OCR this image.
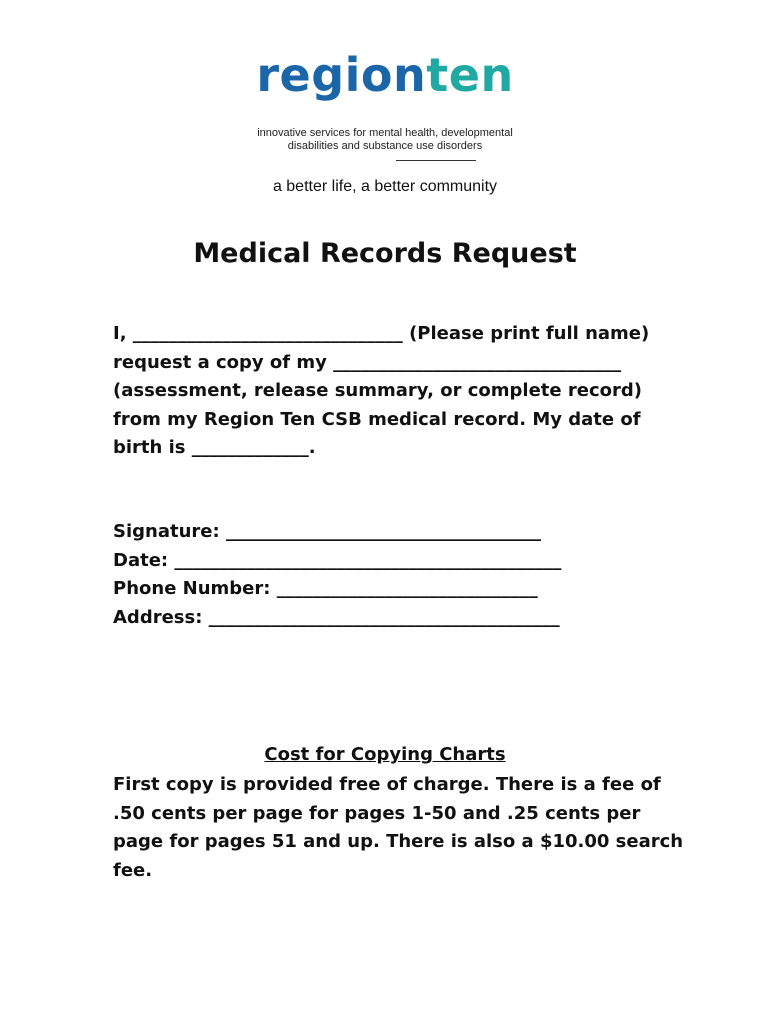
regionten
innovative services for mental health, developmental
disabilities and substance use disorders
a better life, a better community
Medical Records Request
I, ______________________________ (Please print full name)
request a copy of my ________________________________
(assessment, release summary, or complete record)
from my Region Ten CSB medical record. My date of
birth is _____________.
Signature: ___________________________________
Date: ___________________________________________
Phone Number: _____________________________
Address: _______________________________________
Cost for Copying Charts
First copy is provided free of charge. There is a fee of
.50 cents per page for pages 1-50 and .25 cents per
page for pages 51 and up. There is also a $10.00 search
fee.
